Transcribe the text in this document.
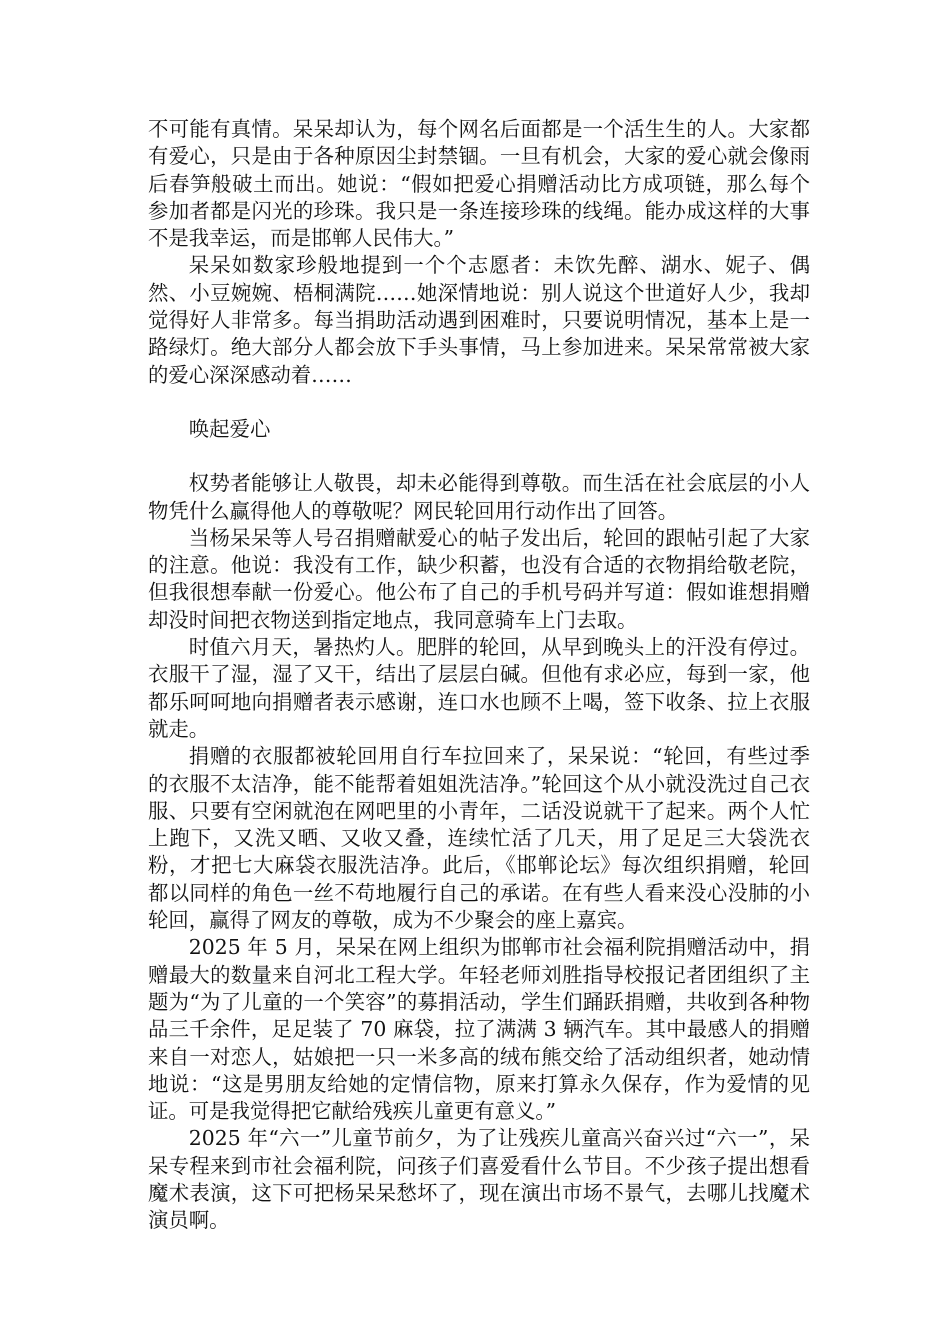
不可能有真情。呆呆却认为，每个网名后面都是一个活生生的人。大家都有爱心，只是由于各种原因尘封禁锢。一旦有机会，大家的爱心就会像雨后春笋般破土而出。她说：“假如把爱心捐赠活动比方成项链，那么每个参加者都是闪光的珍珠。我只是一条连接珍珠的线绳。能办成这样的大事不是我幸运，而是邯郸人民伟大。”

呆呆如数家珍般地提到一个个志愿者：未饮先醉、湖水、妮子、偶然、小豆婉婉、梧桐满院……她深情地说：别人说这个世道好人少，我却觉得好人非常多。每当捐助活动遇到困难时，只要说明情况，基本上是一路绿灯。绝大部分人都会放下手头事情，马上参加进来。呆呆常常被大家的爱心深深感动着……

唤起爱心

权势者能够让人敬畏，却未必能得到尊敬。而生活在社会底层的小人物凭什么赢得他人的尊敬呢？网民轮回用行动作出了回答。

当杨呆呆等人号召捐赠献爱心的帖子发出后，轮回的跟帖引起了大家的注意。他说：我没有工作，缺少积蓄，也没有合适的衣物捐给敬老院，但我很想奉献一份爱心。他公布了自己的手机号码并写道：假如谁想捐赠却没时间把衣物送到指定地点，我同意骑车上门去取。

时值六月天，暑热灼人。肥胖的轮回，从早到晚头上的汗没有停过。衣服干了湿，湿了又干，结出了层层白碱。但他有求必应，每到一家，他都乐呵呵地向捐赠者表示感谢，连口水也顾不上喝，签下收条、拉上衣服就走。

捐赠的衣服都被轮回用自行车拉回来了，呆呆说：“轮回，有些过季的衣服不太洁净，能不能帮着姐姐洗洁净。”轮回这个从小就没洗过自己衣服、只要有空闲就泡在网吧里的小青年，二话没说就干了起来。两个人忙上跑下，又洗又晒、又收又叠，连续忙活了几天，用了足足三大袋洗衣粉，才把七大麻袋衣服洗洁净。此后，《邯郸论坛》每次组织捐赠，轮回都以同样的角色一丝不苟地履行自己的承诺。在有些人看来没心没肺的小轮回，赢得了网友的尊敬，成为不少聚会的座上嘉宾。

2025 年 5 月，呆呆在网上组织为邯郸市社会福利院捐赠活动中，捐赠最大的数量来自河北工程大学。年轻老师刘胜指导校报记者团组织了主题为“为了儿童的一个笑容”的募捐活动，学生们踊跃捐赠，共收到各种物品三千余件，足足装了 70 麻袋，拉了满满 3 辆汽车。其中最感人的捐赠来自一对恋人，姑娘把一只一米多高的绒布熊交给了活动组织者，她动情地说：“这是男朋友给她的定情信物，原来打算永久保存，作为爱情的见证。可是我觉得把它献给残疾儿童更有意义。”

2025 年“六一”儿童节前夕，为了让残疾儿童高兴奋兴过“六一”，呆呆专程来到市社会福利院，问孩子们喜爱看什么节目。不少孩子提出想看魔术表演，这下可把杨呆呆愁坏了，现在演出市场不景气，去哪儿找魔术演员啊。
